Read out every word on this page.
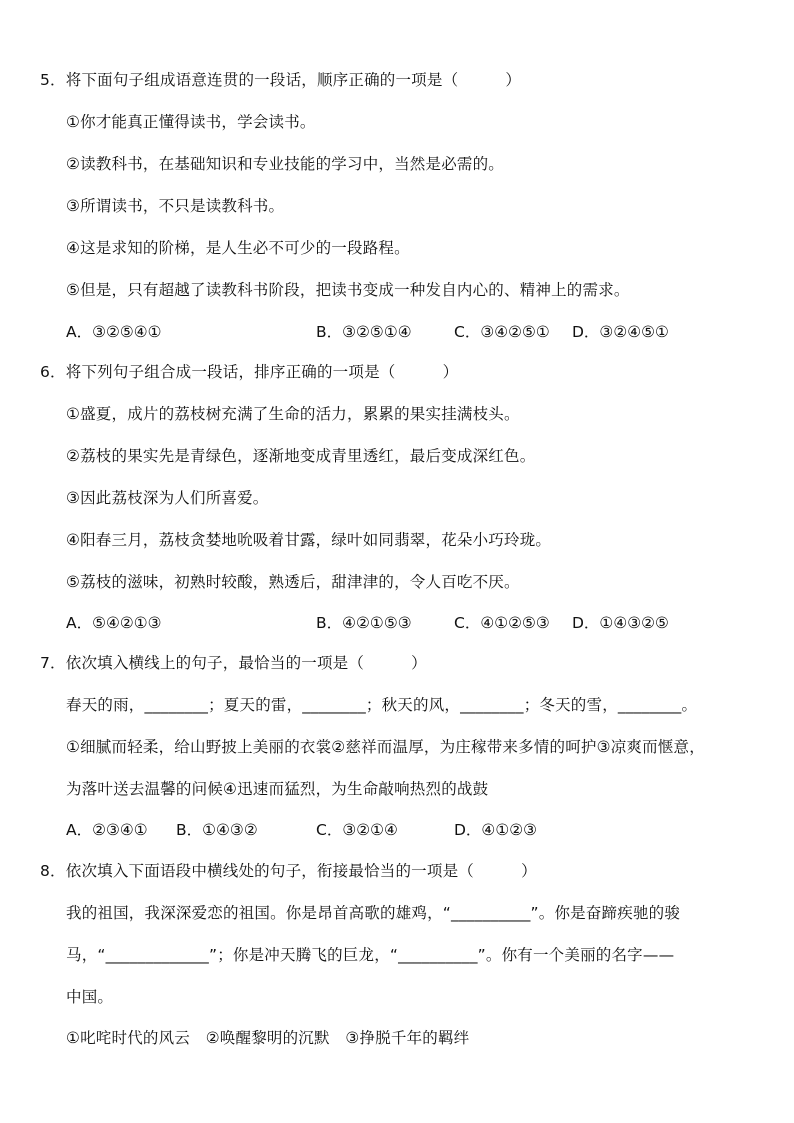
5．将下面句子组成语意连贯的一段话，顺序正确的一项是（　　　）
①你才能真正懂得读书，学会读书。
②读教科书，在基础知识和专业技能的学习中，当然是必需的。
③所谓读书，不只是读教科书。
④这是求知的阶梯，是人生必不可少的一段路程。
⑤但是，只有超越了读教科书阶段，把读书变成一种发自内心的、精神上的需求。
A．③②⑤④①	B．③②⑤①④	C．③④②⑤① D．③②④⑤①
6．将下列句子组合成一段话，排序正确的一项是（　　　）
①盛夏，成片的荔枝树充满了生命的活力，累累的果实挂满枝头。
②荔枝的果实先是青绿色，逐渐地变成青里透红，最后变成深红色。
③因此荔枝深为人们所喜爱。
④阳春三月，荔枝贪婪地吮吸着甘露，绿叶如同翡翠，花朵小巧玲珑。
⑤荔枝的滋味，初熟时较酸，熟透后，甜津津的，令人百吃不厌。
A．⑤④②①③	B．④②①⑤③	C．④①②⑤③ D．①④③②⑤
7．依次填入横线上的句子，最恰当的一项是（　　　）
春天的雨，________；夏天的雷，________；秋天的风，________；冬天的雪，________。
①细腻而轻柔，给山野披上美丽的衣裳②慈祥而温厚，为庄稼带来多情的呵护③凉爽而惬意，
为落叶送去温馨的问候④迅速而猛烈，为生命敲响热烈的战鼓
A．②③④① B．①④③②	C．③②①④	D．④①②③
8．依次填入下面语段中横线处的句子，衔接最恰当的一项是（　　　）
我的祖国，我深深爱恋的祖国。你是昂首高歌的雄鸡，“__________”。你是奋蹄疾驰的骏
马，“_____________”；你是冲天腾飞的巨龙，“__________”。你有一个美丽的名字——
中国。
①叱咤时代的风云　②唤醒黎明的沉默　③挣脱千年的羁绊
